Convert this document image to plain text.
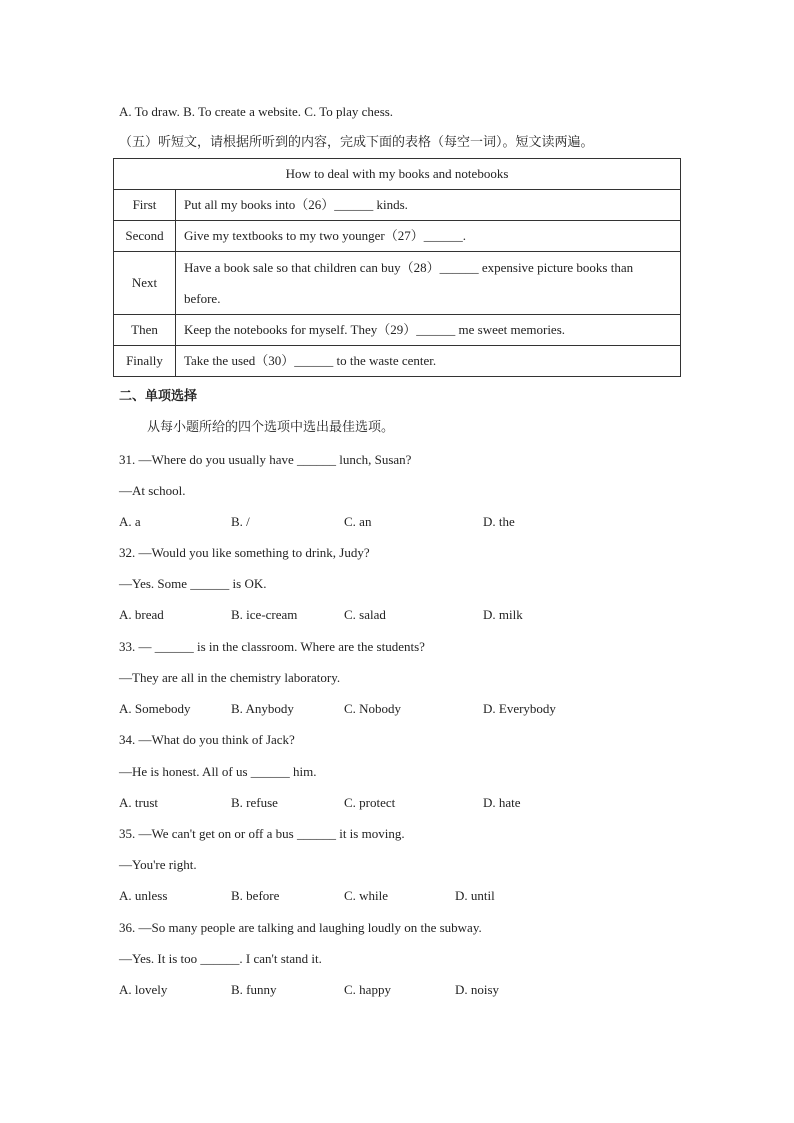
A. To draw. B. To create a website. C. To play chess.
（五）听短文，请根据所听到的内容，完成下面的表格（每空一词）。短文读两遍。
How to deal with my books and notebooks	
First	Put all my books into（26）______ kinds.
Second	Give my textbooks to my two younger（27）______.
Next	Have a book sale so that children can buy（28）______ expensive picture books than before.

Then	Keep the notebooks for myself. They（29）______ me sweet memories.
Finally	Take the used（30）______ to the waste center.
二、单项选择
从每小题所给的四个选项中选出最佳选项。
31. —Where do you usually have ______ lunch, Susan?
—At school.
A. a	B. /	C. an	D. the
32. —Would you like something to drink, Judy?
—Yes. Some ______ is OK.
A. bread	B. ice-cream	C. salad	D. milk
33. — ______ is in the classroom. Where are the students?
—They are all in the chemistry laboratory.
A. Somebody	B. Anybody	C. Nobody	D. Everybody
34. —What do you think of Jack?
—He is honest. All of us ______ him.
A. trust	B. refuse	C. protect	D. hate
35. —We can't get on or off a bus ______ it is moving.
—You're right.
A. unless	B. before	C. while	D. until
36. —So many people are talking and laughing loudly on the subway.
—Yes. It is too ______. I can't stand it.
A. lovely	B. funny	C. happy	D. noisy
